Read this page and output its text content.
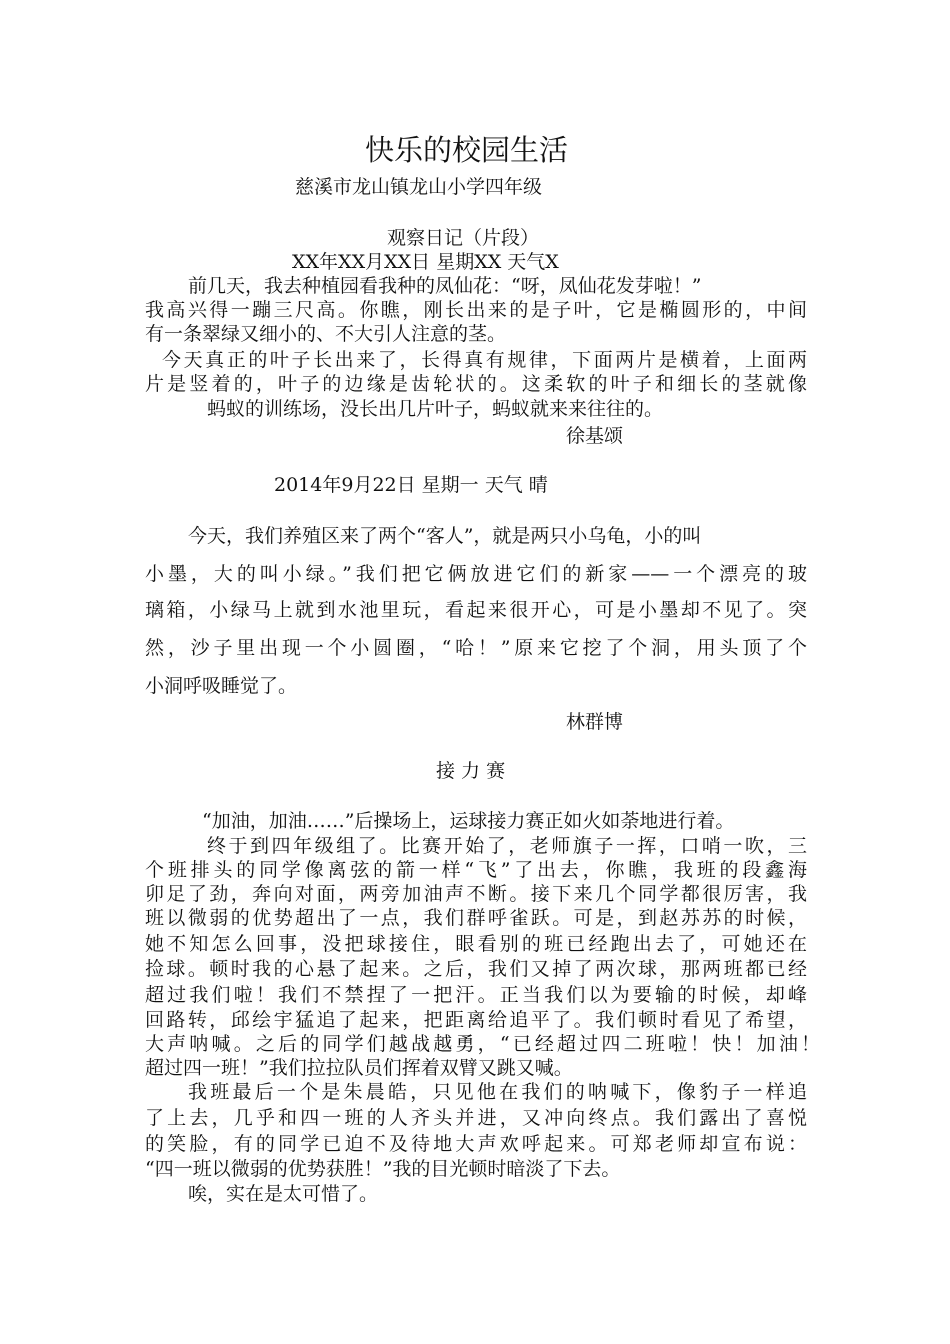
快乐的校园生活
慈溪市龙山镇龙山小学四年级
观察日记（片段）
XX年XX月XX日 星期XX 天气X
前几天，我去种植园看我种的凤仙花：“呀，凤仙花发芽啦！”
我高兴得一蹦三尺高。你瞧，刚长出来的是子叶，它是椭圆形的，中间
有一条翠绿又细小的、不大引人注意的茎。
今天真正的叶子长出来了，长得真有规律，下面两片是横着，上面两
片是竖着的，叶子的边缘是齿轮状的。这柔软的叶子和细长的茎就像
蚂蚁的训练场，没长出几片叶子，蚂蚁就来来往往的。
徐基颂
2014年9月22日 星期一 天气 晴
今天，我们养殖区来了两个“客人”，就是两只小乌龟，小的叫
小墨，大的叫小绿。”我们把它俩放进它们的新家——一个漂亮的玻
璃箱，小绿马上就到水池里玩，看起来很开心，可是小墨却不见了。突
然，沙子里出现一个小圆圈，“哈！”原来它挖了个洞，用头顶了个
小洞呼吸睡觉了。
林群博
接 力 赛
“加油，加油……”后操场上，运球接力赛正如火如荼地进行着。
终于到四年级组了。比赛开始了，老师旗子一挥，口哨一吹，三
个班排头的同学像离弦的箭一样“飞”了出去，你瞧，我班的段鑫海
卯足了劲，奔向对面，两旁加油声不断。接下来几个同学都很厉害，我
班以微弱的优势超出了一点，我们群呼雀跃。可是，到赵苏苏的时候，
她不知怎么回事，没把球接住，眼看别的班已经跑出去了，可她还在
捡球。顿时我的心悬了起来。之后，我们又掉了两次球，那两班都已经
超过我们啦！我们不禁捏了一把汗。正当我们以为要输的时候，却峰
回路转，邱绘宇猛追了起来，把距离给追平了。我们顿时看见了希望，
大声呐喊。之后的同学们越战越勇，“已经超过四二班啦！快！加油！
超过四一班！”我们拉拉队员们挥着双臂又跳又喊。
我班最后一个是朱晨皓，只见他在我们的呐喊下，像豹子一样追
了上去，几乎和四一班的人齐头并进，又冲向终点。我们露出了喜悦
的笑脸，有的同学已迫不及待地大声欢呼起来。可郑老师却宣布说：
“四一班以微弱的优势获胜！”我的目光顿时暗淡了下去。
唉，实在是太可惜了。
